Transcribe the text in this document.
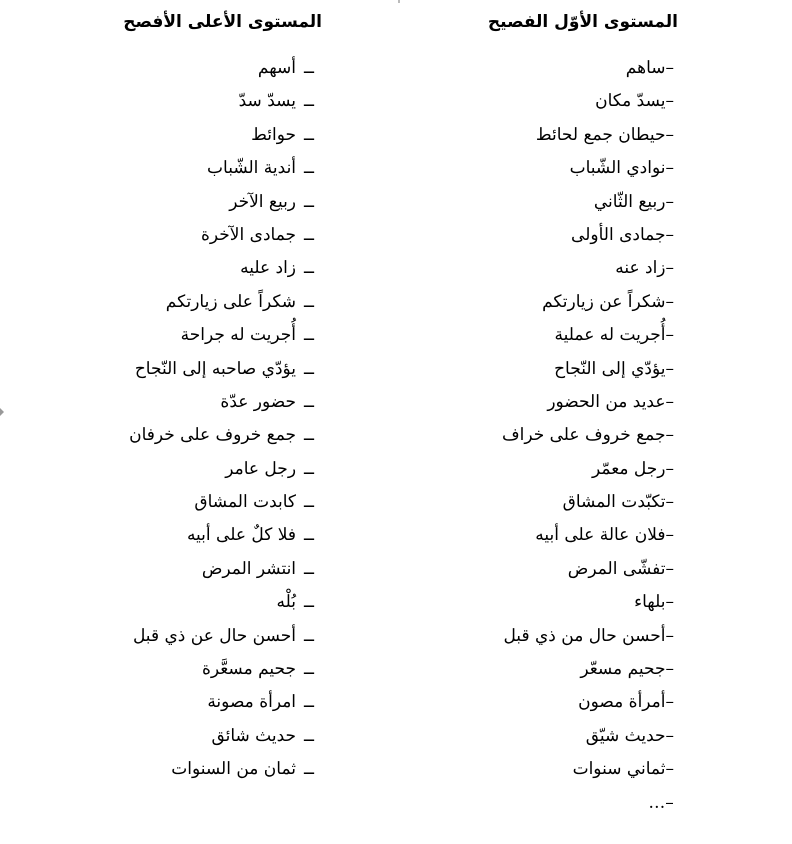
المستوى الأوّل الفصيح
–ساهم
–يسدّ مكان
–حيطان جمع لحائط
–نوادي الشّباب
–ربيع الثّاني
–جمادى الأولى
–زاد عنه
–شكراً عن زيارتكم
–أُجريت له عملية
–يؤدّي إلى النّجاح
–عديد من الحضور
–جمع خروف على خراف
–رجل معمّر
–تكبّدت المشاق
–فلان عالة على أبيه
–تفشّى المرض
–بلهاء
–أحسن حال من ذي قبل
–جحيم مسعّر
–أمرأة مصون
–حديث شيّق
–ثماني سنوات
–...
المستوى الأعلى الأفصح
ــأسهم
ــيسدّ سدّ
ــحوائط
ــأندية الشّباب
ــربيع الآخر
ــجمادى الآخرة
ــزاد عليه
ــشكراً على زيارتكم
ــأُجريت له جراحة
ــيؤدّي صاحبه إلى النّجاح
ــحضور عدّة
ــجمع خروف على خرفان
ــرجل عامر
ــكابدت المشاق
ــفلا كلٌ على أبيه
ــانتشر المرض
ــبُلْه
ــأحسن حال عن ذي قبل
ــجحيم مسعَّرة
ــامرأة مصونة
ــحديث شائق
ــثمان من السنوات
